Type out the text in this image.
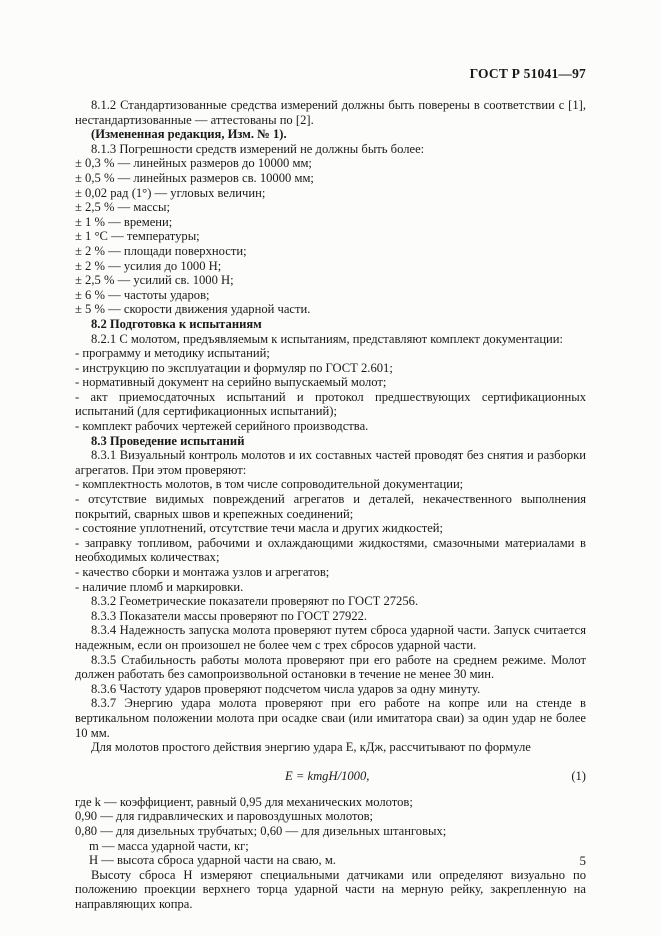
ГОСТ Р 51041—97

8.1.2 Стандартизованные средства измерений должны быть поверены в соответствии с [1], нестандартизованные — аттестованы по [2].

(Измененная редакция, Изм. № 1).

8.1.3 Погрешности средств измерений не должны быть более:

± 0,3 % — линейных размеров до 10000 мм;

± 0,5 % — линейных размеров св. 10000 мм;

± 0,02 рад (1°) — угловых величин;

± 2,5 % — массы;

± 1 % — времени;

± 1 °С — температуры;

± 2 % — площади поверхности;

± 2 % — усилия до 1000 Н;

± 2,5 % — усилий св. 1000 Н;

± 6 % — частоты ударов;

± 5 % — скорости движения ударной части.

8.2 Подготовка к испытаниям

8.2.1 С молотом, предъявляемым к испытаниям, представляют комплект документации:

- программу и методику испытаний;

- инструкцию по эксплуатации и формуляр по ГОСТ 2.601;

- нормативный документ на серийно выпускаемый молот;

- акт приемосдаточных испытаний и протокол предшествующих сертификационных испытаний (для сертификационных испытаний);

- комплект рабочих чертежей серийного производства.

8.3 Проведение испытаний

8.3.1 Визуальный контроль молотов и их составных частей проводят без снятия и разборки агрегатов. При этом проверяют:

- комплектность молотов, в том числе сопроводительной документации;

- отсутствие видимых повреждений агрегатов и деталей, некачественного выполнения покрытий, сварных швов и крепежных соединений;

- состояние уплотнений, отсутствие течи масла и других жидкостей;

- заправку топливом, рабочими и охлаждающими жидкостями, смазочными материалами в необходимых количествах;

- качество сборки и монтажа узлов и агрегатов;

- наличие пломб и маркировки.

8.3.2 Геометрические показатели проверяют по ГОСТ 27256.

8.3.3 Показатели массы проверяют по ГОСТ 27922.

8.3.4 Надежность запуска молота проверяют путем сброса ударной части. Запуск считается надежным, если он произошел не более чем с трех сбросов ударной части.

8.3.5 Стабильность работы молота проверяют при его работе на среднем режиме. Молот должен работать без самопроизвольной остановки в течение не менее 30 мин.

8.3.6 Частоту ударов проверяют подсчетом числа ударов за одну минуту.

8.3.7 Энергию удара молота проверяют при его работе на копре или на стенде в вертикальном положении молота при осадке сваи (или имитатора сваи) за один удар не более 10 мм.

Для молотов простого действия энергию удара E, кДж, рассчитывают по формуле

E = kmgH/1000,	(1)

где k — коэффициент, равный 0,95 для механических молотов;

0,90 — для гидравлических и паровоздушных молотов;

0,80 — для дизельных трубчатых; 0,60 — для дизельных штанговых;

m — масса ударной части, кг;

H — высота сброса ударной части на сваю, м.

Высоту сброса H измеряют специальными датчиками или определяют визуально по положению проекции верхнего торца ударной части на мерную рейку, закрепленную на направляющих копра.

5
